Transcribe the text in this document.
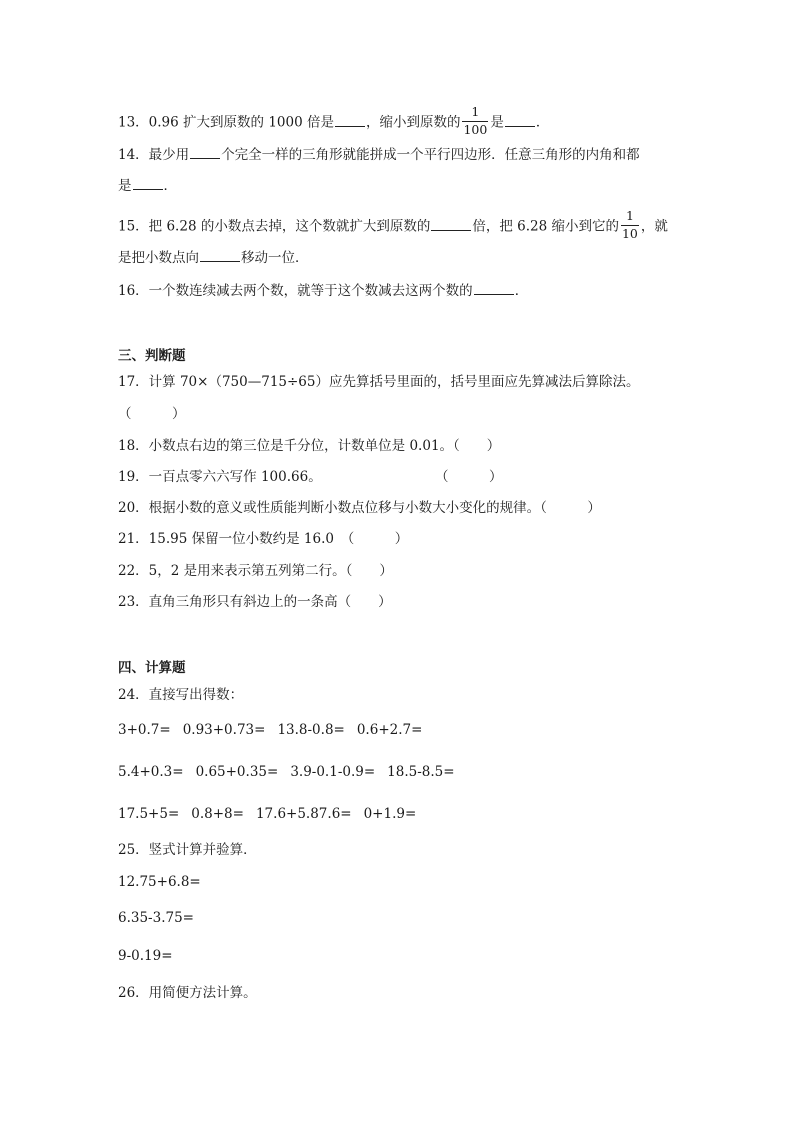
13．0.96 扩大到原数的 1000 倍是 ，缩小到原数的 $\frac{1}{100}$ 是 ．
14．最少用 个完全一样的三角形就能拼成一个平行四边形．任意三角形的内角和都
是 ．
15．把 6.28 的小数点去掉，这个数就扩大到原数的	倍，把 6.28 缩小到它的 $\frac{1}{10}$ ，就
是把小数点向	移动一位．
16．一个数连续减去两个数，就等于这个数减去这两个数的	．
三、判断题
17．计算 70×（750—715÷65）应先算括号里面的，括号里面应先算减法后算除法。
（　　　）
18．小数点右边的第三位是千分位，计数单位是 0.01。（　　）
19．一百点零六六写作 100.66。	（　　　）
20．根据小数的意义或性质能判断小数点位移与小数大小变化的规律。（　　　）
21．15.95 保留一位小数约是 16.0　（　　　）
22．5，2 是用来表示第五列第二行。（　　）
23．直角三角形只有斜边上的一条高（　　）
四、计算题
24．直接写出得数：
3+0.7= 0.93+0.73= 13.8-0.8= 0.6+2.7=
5.4+0.3= 0.65+0.35= 3.9-0.1-0.9= 18.5-8.5=
17.5+5= 0.8+8= 17.6+5.87.6= 0+1.9=
25．竖式计算并验算．
12.75+6.8=
6.35-3.75=
9-0.19=
26．用简便方法计算。
